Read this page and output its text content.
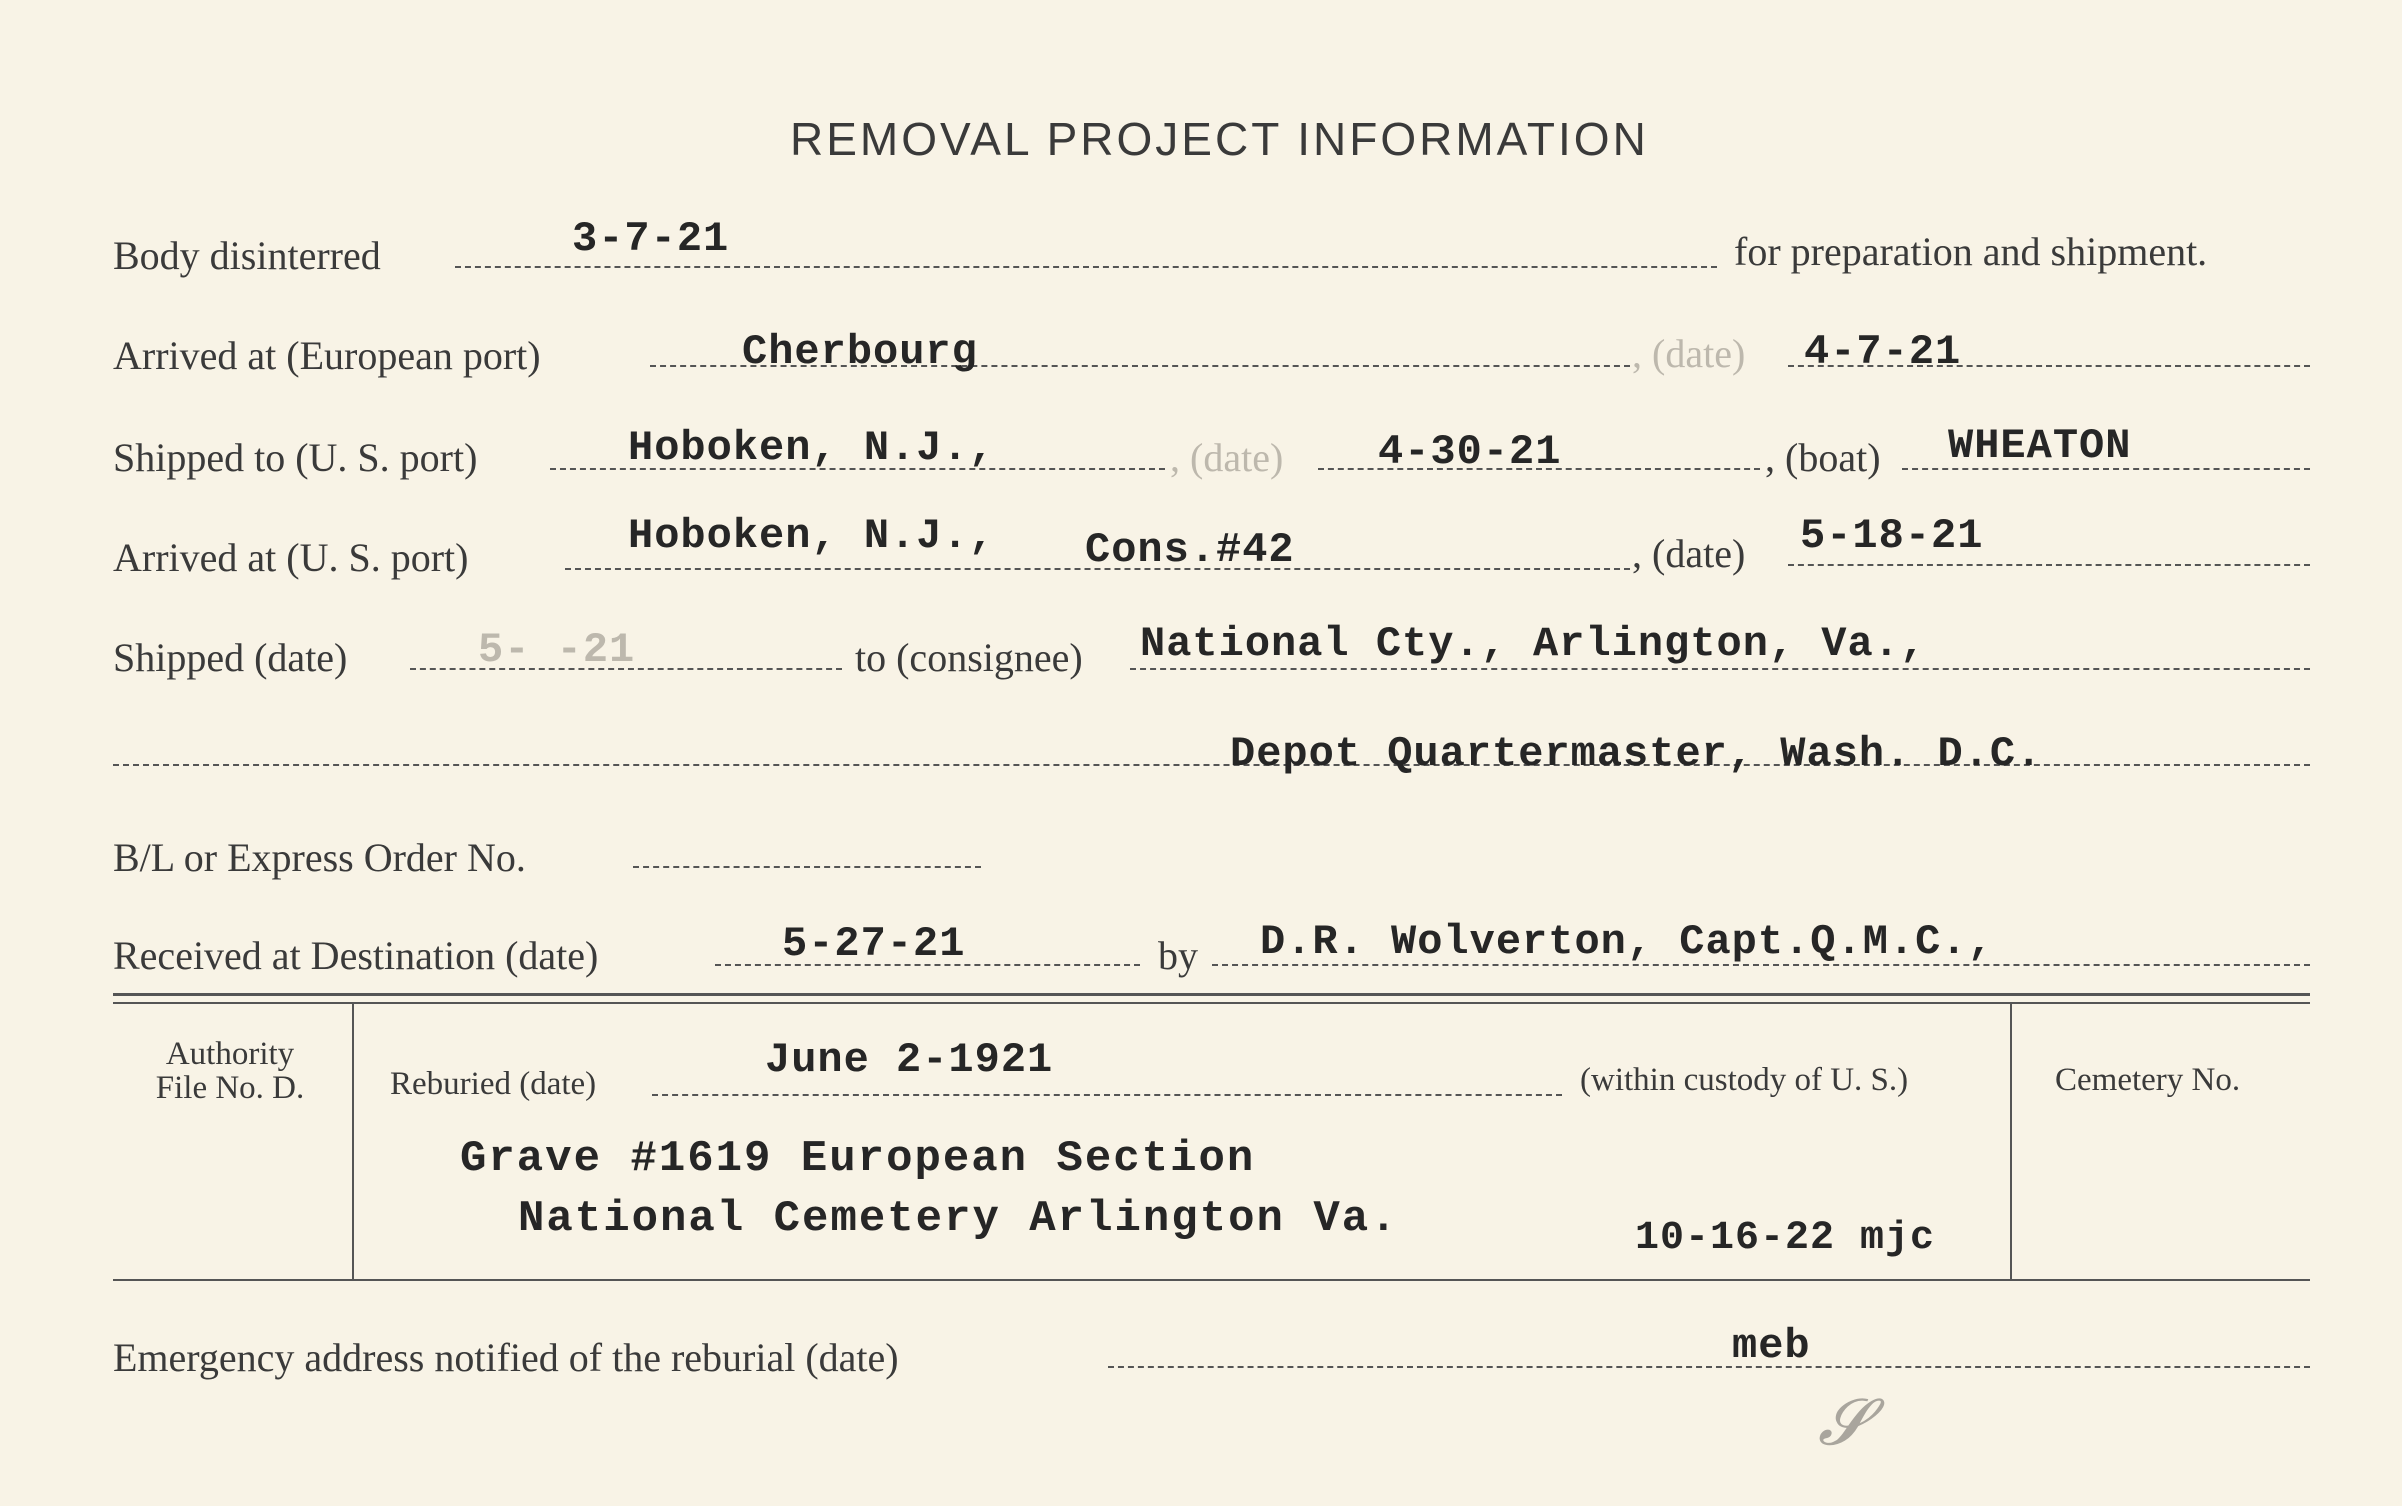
REMOVAL PROJECT INFORMATION
Body disinterred	3-7-21	for preparation and shipment.
Arrived at (European port)	Cherbourg	, (date) 4-7-21
Shipped to (U. S. port)	Hoboken, N.J.,	, (date) 4-30-21	, (boat) WHEATON
Arrived at (U. S. port)	Hoboken, N.J., Cons.#42	, (date) 5-18-21
Shipped (date)	5- -21	to (consignee) National Cty., Arlington, Va.,
Depot Quartermaster, Wash. D.C.
B/L or Express Order No.
Received at Destination (date)	5-27-21	by D.R. Wolverton, Capt.Q.M.C.,
Authority
File No. D.	Reburied (date)	June 2-1921	(within custody of U. S.)	Cemetery No.
Grave #1619 European Section
National Cemetery Arlington Va.	10-16-22 mjc
Emergency address notified of the reburial (date)	meb
𝓢
